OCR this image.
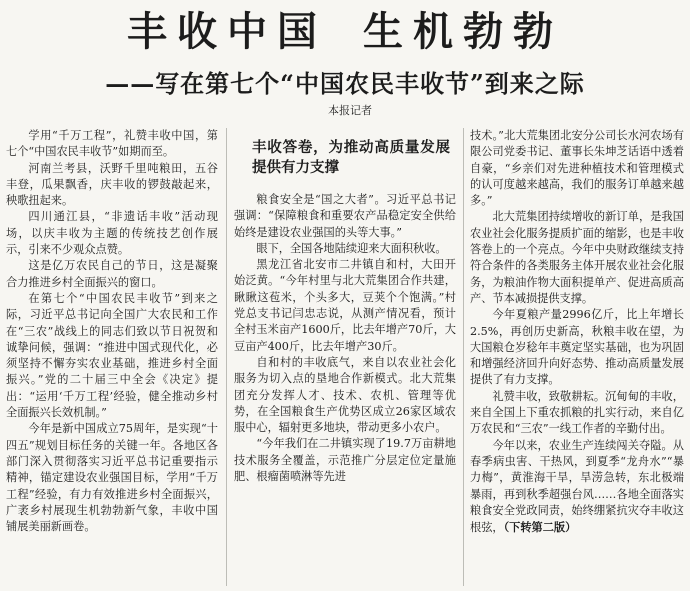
丰收中国 生机勃勃
——写在第七个“中国农民丰收节”到来之际
本报记者

学用“千万工程”，礼赞丰收中国，第七个“中国农民丰收节”如期而至。

河南兰考县，沃野千里吨粮田，五谷丰登，瓜果飘香，庆丰收的锣鼓敲起来，秧歌扭起来。

四川通江县，“非遗话丰收”活动现场，以庆丰收为主题的传统技艺创作展示，引来不少观众点赞。

这是亿万农民自己的节日，这是凝聚合力推进乡村全面振兴的窗口。

在第七个“中国农民丰收节”到来之际，习近平总书记向全国广大农民和工作在“三农”战线上的同志们致以节日祝贺和诚挚问候，强调：“推进中国式现代化，必须坚持不懈夯实农业基础，推进乡村全面振兴。”党的二十届三中全会《决定》提出：“运用‘千万工程’经验，健全推动乡村全面振兴长效机制。”

今年是新中国成立75周年，是实现“十四五”规划目标任务的关键一年。各地区各部门深入贯彻落实习近平总书记重要指示精神，锚定建设农业强国目标，学用“千万工程”经验，有力有效推进乡村全面振兴，广袤乡村展现生机勃勃新气象，丰收中国铺展美丽新画卷。

丰收答卷，为推动高质量发展提供有力支撑

粮食安全是“国之大者”。习近平总书记强调：“保障粮食和重要农产品稳定安全供给始终是建设农业强国的头等大事。”

眼下，全国各地陆续迎来大面积秋收。

黑龙江省北安市二井镇自和村，大田开始泛黄。“今年村里与北大荒集团合作共建，瞅瞅这苞米，个头多大，豆荚个个饱满。”村党总支书记闫忠志说，从测产情况看，预计全村玉米亩产1600斤，比去年增产70斤，大豆亩产400斤，比去年增产30斤。

自和村的丰收底气，来自以农业社会化服务为切入点的垦地合作新模式。北大荒集团充分发挥人才、技术、农机、管理等优势，在全国粮食生产优势区成立26家区域农服中心，辐射更多地块，带动更多小农户。

“今年我们在二井镇实现了19.7万亩耕地技术服务全覆盖，示范推广分层定位定量施肥、根瘤菌喷淋等先进

技术。”北大荒集团北安分公司长水河农场有限公司党委书记、董事长朱坤芝话语中透着自豪，“乡亲们对先进种植技术和管理模式的认可度越来越高，我们的服务订单越来越多。”

北大荒集团持续增收的新订单，是我国农业社会化服务提质扩面的缩影，也是丰收答卷上的一个亮点。今年中央财政继续支持符合条件的各类服务主体开展农业社会化服务，为粮油作物大面积提单产、促进高质高产、节本减损提供支撑。

今年夏粮产量2996亿斤，比上年增长2.5%，再创历史新高，秋粮丰收在望，为大国粮仓岁稔年丰奠定坚实基础，也为巩固和增强经济回升向好态势、推动高质量发展提供了有力支撑。

礼赞丰收，致敬耕耘。沉甸甸的丰收，来自全国上下重农抓粮的扎实行动，来自亿万农民和“三农”一线工作者的辛勤付出。

今年以来，农业生产连续闯关夺隘。从春季病虫害、干热风，到夏季“龙舟水”“暴力梅”，黄淮海干旱，旱涝急转，东北极端暴雨，再到秋季超强台风……各地全面落实粮食安全党政同责，始终绷紧抗灾夺丰收这根弦，（下转第二版）
